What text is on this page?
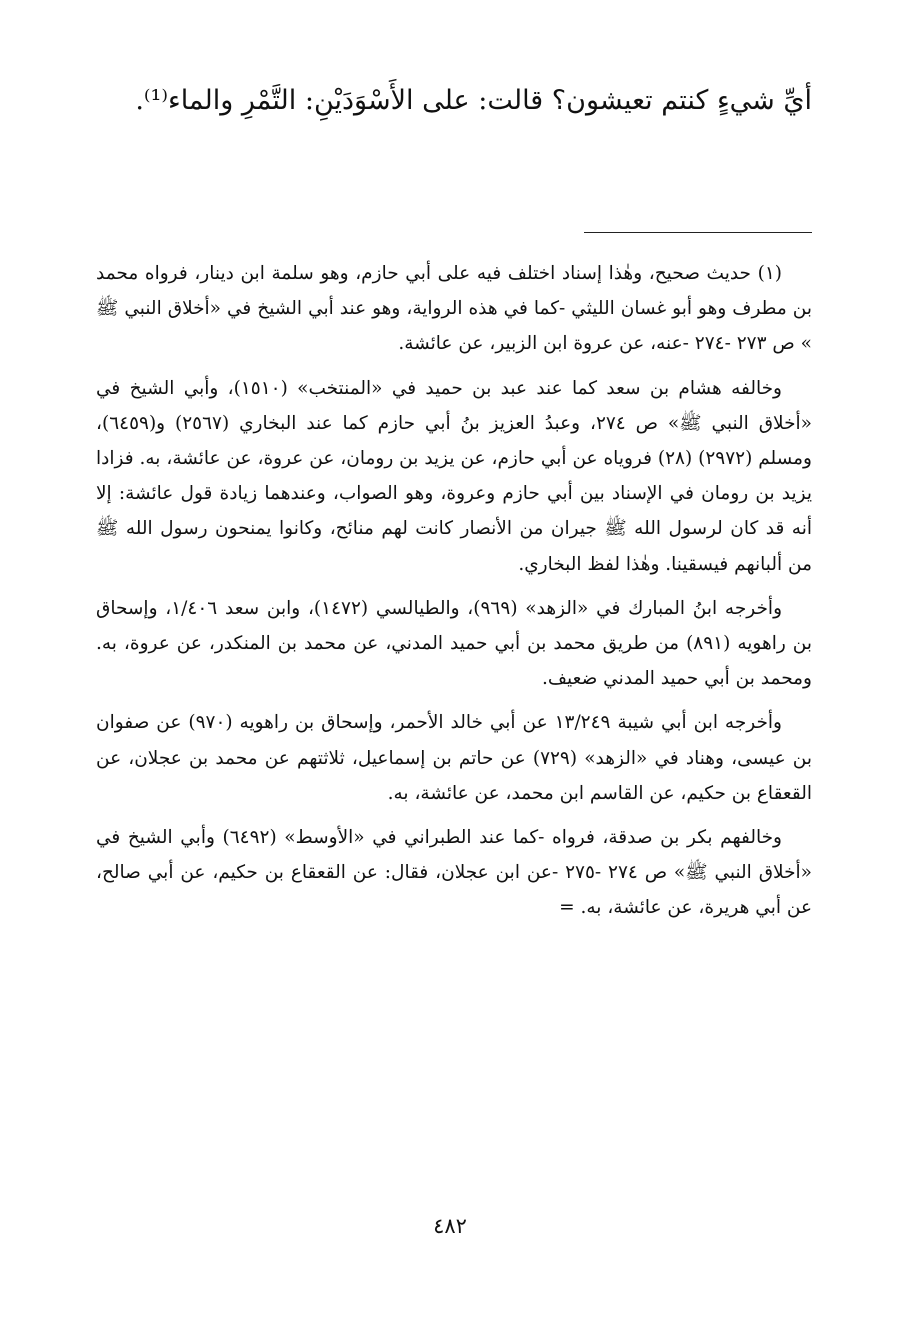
أيِّ شيءٍ كنتم تعيشون؟ قالت: على الأَسْوَدَيْنِ: التَّمْرِ والماء⁽¹⁾.

(١) حديث صحيح، وهٰذا إسناد اختلف فيه على أبي حازم، وهو سلمة ابن دينار، فرواه محمد بن مطرف وهو أبو غسان الليثي -كما في هذه الرواية، وهو عند أبي الشيخ في «أخلاق النبي ﷺ » ص ٢٧٣ -٢٧٤ -عنه، عن عروة ابن الزبير، عن عائشة.

وخالفه هشام بن سعد كما عند عبد بن حميد في «المنتخب» (١٥١٠)، وأبي الشيخ في «أخلاق النبي ﷺ» ص ٢٧٤، وعبدُ العزيز بنُ أبي حازم كما عند البخاري (٢٥٦٧) و(٦٤٥٩)، ومسلم (٢٩٧٢) (٢٨) فروياه عن أبي حازم، عن يزيد بن رومان، عن عروة، عن عائشة، به. فزادا يزيد بن رومان في الإسناد بين أبي حازم وعروة، وهو الصواب، وعندهما زيادة قول عائشة: إلا أنه قد كان لرسول الله ﷺ جيران من الأنصار كانت لهم منائح، وكانوا يمنحون رسول الله ﷺ من ألبانهم فيسقينا. وهٰذا لفظ البخاري.

وأخرجه ابنُ المبارك في «الزهد» (٩٦٩)، والطيالسي (١٤٧٢)، وابن سعد ١/٤٠٦، وإسحاق بن راهويه (٨٩١) من طريق محمد بن أبي حميد المدني، عن محمد بن المنكدر، عن عروة، به. ومحمد بن أبي حميد المدني ضعيف.

وأخرجه ابن أبي شيبة ١٣/٢٤٩ عن أبي خالد الأحمر، وإسحاق بن راهويه (٩٧٠) عن صفوان بن عيسى، وهناد في «الزهد» (٧٢٩) عن حاتم بن إسماعيل، ثلاثتهم عن محمد بن عجلان، عن القعقاع بن حكيم، عن القاسم ابن محمد، عن عائشة، به.

وخالفهم بكر بن صدقة، فرواه -كما عند الطبراني في «الأوسط» (٦٤٩٢) وأبي الشيخ في «أخلاق النبي ﷺ» ص ٢٧٤ -٢٧٥ -عن ابن عجلان، فقال: عن القعقاع بن حكيم، عن أبي صالح، عن أبي هريرة، عن عائشة، به. =

٤٨٢
